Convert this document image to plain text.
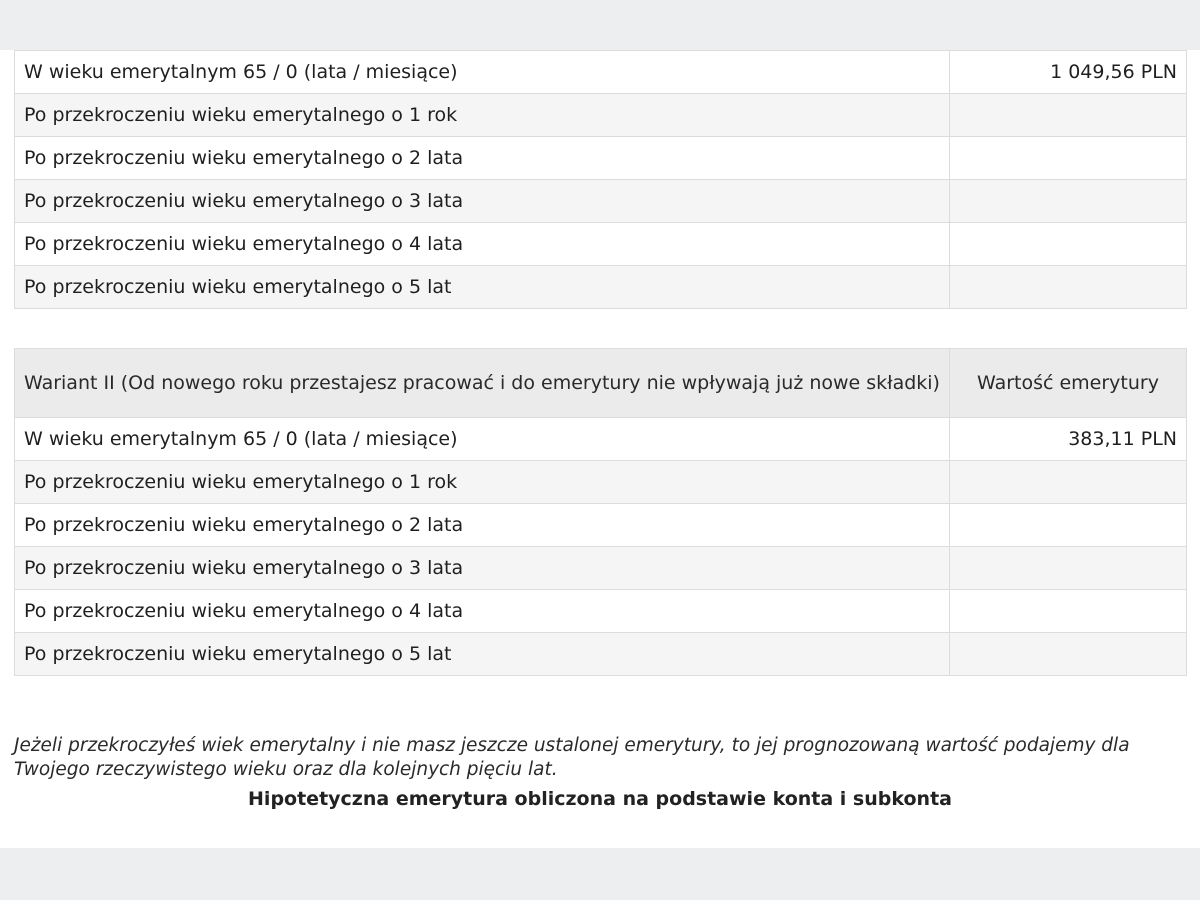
W wieku emerytalnym 65 / 0 (lata / miesiące)	1 049,56 PLN
Po przekroczeniu wieku emerytalnego o 1 rok	
Po przekroczeniu wieku emerytalnego o 2 lata	
Po przekroczeniu wieku emerytalnego o 3 lata	
Po przekroczeniu wieku emerytalnego o 4 lata	
Po przekroczeniu wieku emerytalnego o 5 lat	
Wariant II (Od nowego roku przestajesz pracować i do emerytury nie wpływają już nowe składki)	Wartość emerytury
W wieku emerytalnym 65 / 0 (lata / miesiące)	383,11 PLN
Po przekroczeniu wieku emerytalnego o 1 rok	
Po przekroczeniu wieku emerytalnego o 2 lata	
Po przekroczeniu wieku emerytalnego o 3 lata	
Po przekroczeniu wieku emerytalnego o 4 lata	
Po przekroczeniu wieku emerytalnego o 5 lat	

Jeżeli przekroczyłeś wiek emerytalny i nie masz jeszcze ustalonej emerytury, to jej prognozowaną wartość podajemy dla Twojego rzeczywistego wieku oraz dla kolejnych pięciu lat.

Hipotetyczna emerytura obliczona na podstawie konta i subkonta
